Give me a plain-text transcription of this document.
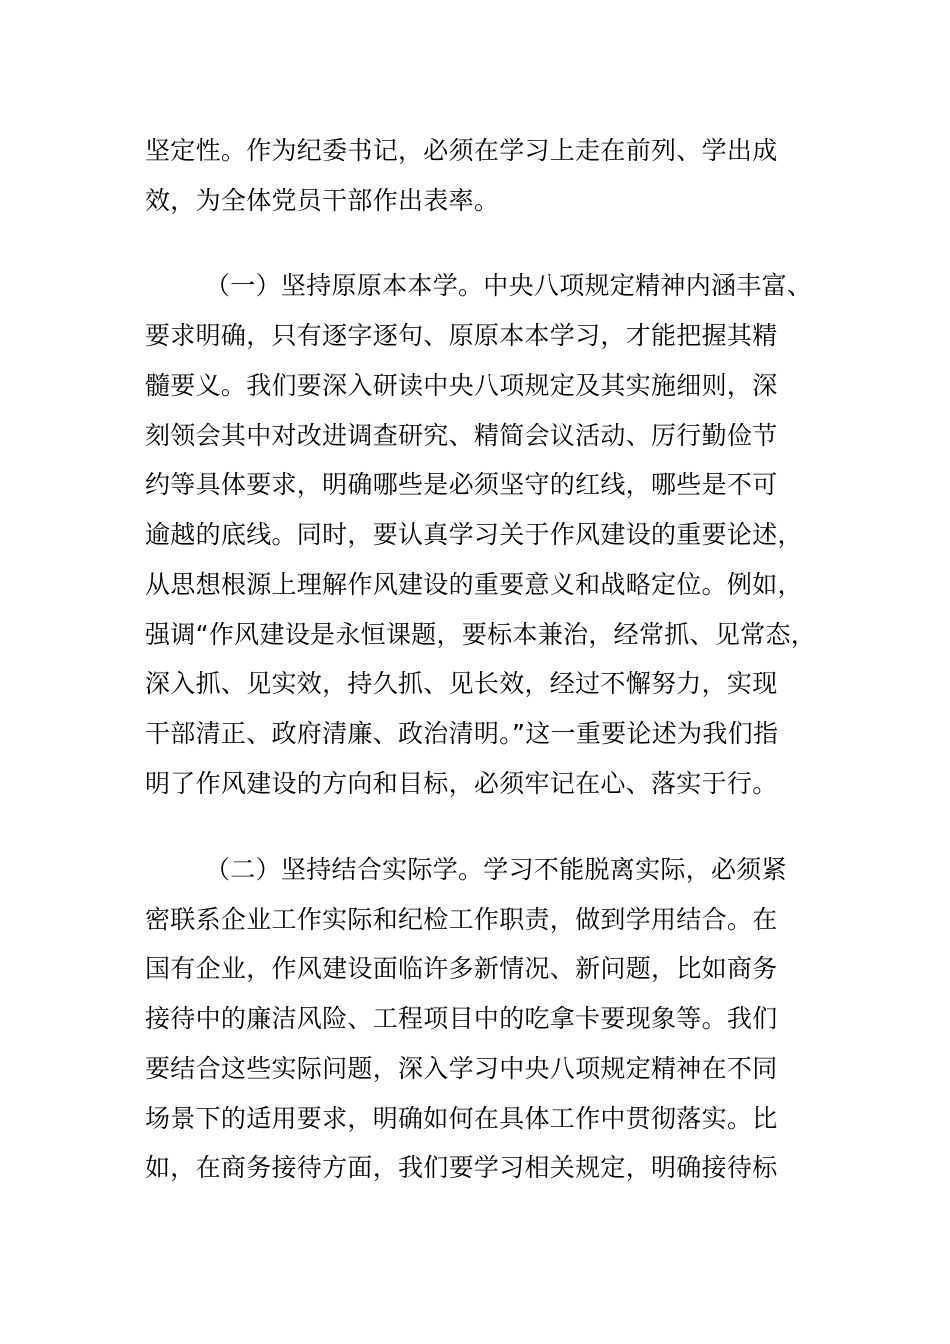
坚定性。作为纪委书记，必须在学习上走在前列、学出成
效，为全体党员干部作出表率。
（一）坚持原原本本学。中央八项规定精神内涵丰富、
要求明确，只有逐字逐句、原原本本学习，才能把握其精
髓要义。我们要深入研读中央八项规定及其实施细则，深
刻领会其中对改进调查研究、精简会议活动、厉行勤俭节
约等具体要求，明确哪些是必须坚守的红线，哪些是不可
逾越的底线。同时，要认真学习关于作风建设的重要论述，
从思想根源上理解作风建设的重要意义和战略定位。例如，
强调“作风建设是永恒课题，要标本兼治，经常抓、见常态，
深入抓、见实效，持久抓、见长效，经过不懈努力，实现
干部清正、政府清廉、政治清明。”这一重要论述为我们指
明了作风建设的方向和目标，必须牢记在心、落实于行。
（二）坚持结合实际学。学习不能脱离实际，必须紧
密联系企业工作实际和纪检工作职责，做到学用结合。在
国有企业，作风建设面临许多新情况、新问题，比如商务
接待中的廉洁风险、工程项目中的吃拿卡要现象等。我们
要结合这些实际问题，深入学习中央八项规定精神在不同
场景下的适用要求，明确如何在具体工作中贯彻落实。比
如，在商务接待方面，我们要学习相关规定，明确接待标
